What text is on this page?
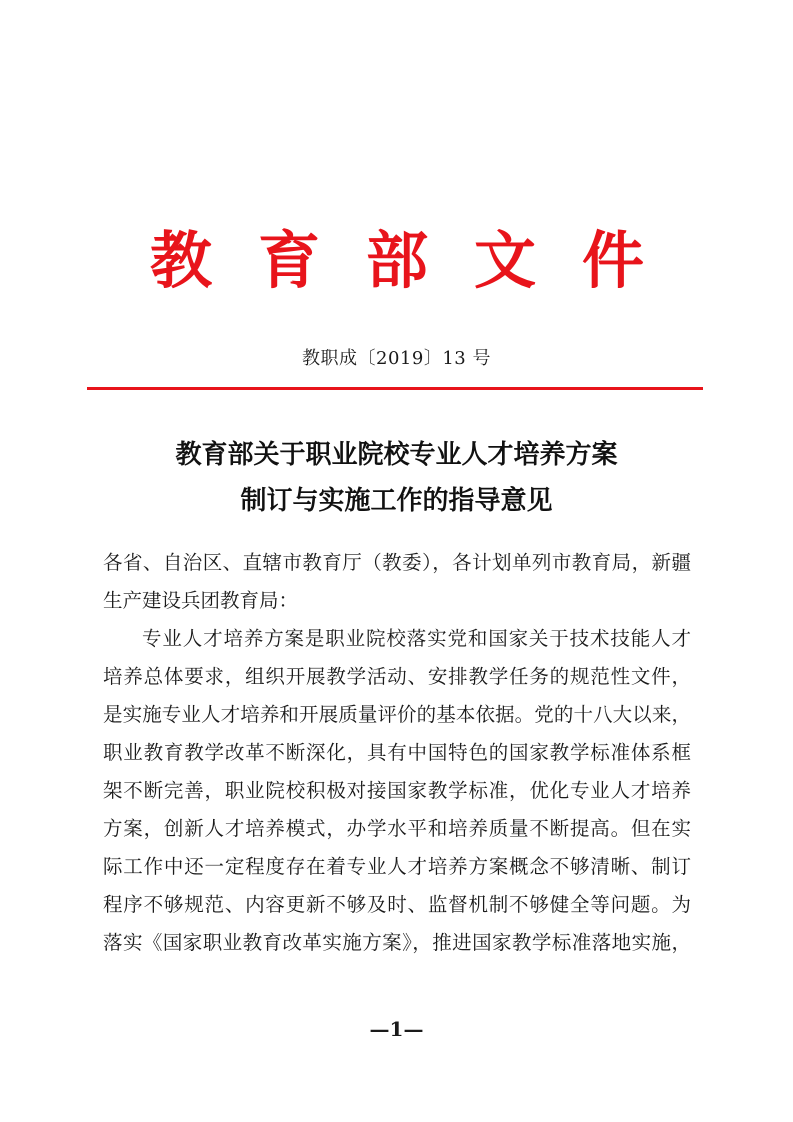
教 育 部 文 件
教职成〔2019〕13 号
教育部关于职业院校专业人才培养方案
制订与实施工作的指导意见
各省、自治区、直辖市教育厅（教委），各计划单列市教育局，新疆
生产建设兵团教育局：
专业人才培养方案是职业院校落实党和国家关于技术技能人才
培养总体要求，组织开展教学活动、安排教学任务的规范性文件，
是实施专业人才培养和开展质量评价的基本依据。党的十八大以来，
职业教育教学改革不断深化，具有中国特色的国家教学标准体系框
架不断完善，职业院校积极对接国家教学标准，优化专业人才培养
方案，创新人才培养模式，办学水平和培养质量不断提高。但在实
际工作中还一定程度存在着专业人才培养方案概念不够清晰、制订
程序不够规范、内容更新不够及时、监督机制不够健全等问题。为
落实《国家职业教育改革实施方案》，推进国家教学标准落地实施，
—1—
